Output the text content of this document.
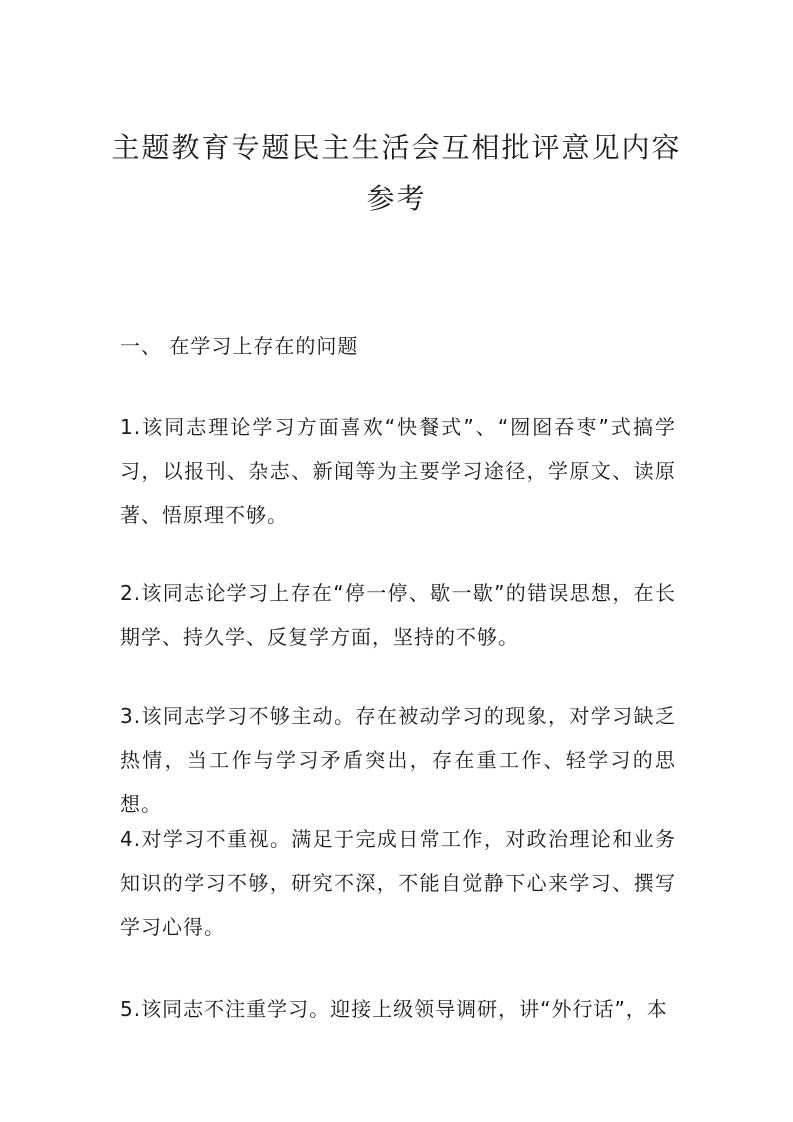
主题教育专题民主生活会互相批评意见内容参考
一、 在学习上存在的问题

1.该同志理论学习方面喜欢“快餐式”、“囫囵吞枣”式搞学习，以报刊、杂志、新闻等为主要学习途径，学原文、读原著、悟原理不够。

2.该同志论学习上存在“停一停、歇一歇”的错误思想，在长期学、持久学、反复学方面，坚持的不够。

3.该同志学习不够主动。存在被动学习的现象，对学习缺乏热情，当工作与学习矛盾突出，存在重工作、轻学习的思想。

4.对学习不重视。满足于完成日常工作，对政治理论和业务知识的学习不够，研究不深，不能自觉静下心来学习、撰写学习心得。

5.该同志不注重学习。迎接上级领导调研，讲“外行话”，本
